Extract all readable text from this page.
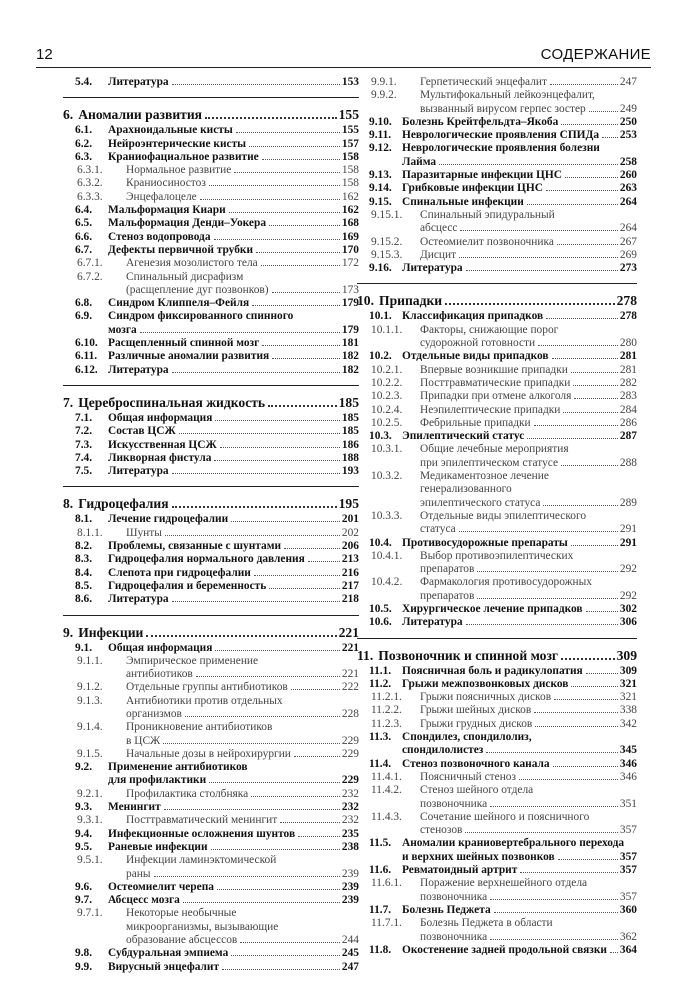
12	СОДЕРЖАНИЕ
5.4.	Литература	153
6. Аномалии развития	155
6.1.	Арахноидальные кисты	155
6.2.	Нейроэнтерические кисты	157
6.3.	Краниофациальное развитие	158
6.3.1.	Нормальное развитие	158
6.3.2.	Краниосиностоз	158
6.3.3.	Энцефалоцеле	162
6.4.	Мальформация Киари	162
6.5.	Мальформация Денди–Уокера	168
6.6.	Стеноз водопровода	169
6.7.	Дефекты первичной трубки	170
6.7.1.	Агенезия мозолистого тела	172
6.7.2.	Спинальный дисрафизм
(расщепление дуг позвонков)	173
6.8.	Синдром Клиппеля–Фейля	179
6.9.	Синдром фиксированного спинного
мозга	179
6.10. Расщепленный спинной мозг	181
6.11. Различные аномалии развития	182
6.12. Литература	182
7. Цереброспинальная жидкость	185
7.1.	Общая информация	185
7.2.	Состав ЦСЖ	185
7.3.	Искусственная ЦСЖ	186
7.4.	Ликворная фистула	188
7.5.	Литература	193
8. Гидроцефалия	195
8.1.	Лечение гидроцефалии	201
8.1.1.	Шунты	202
8.2.	Проблемы, связанные с шунтами	206
8.3.	Гидроцефалия нормального давления	213
8.4.	Слепота при гидроцефалии	216
8.5.	Гидроцефалия и беременность	217
8.6.	Литература	218
9. Инфекции	221
9.1.	Общая информация	221
9.1.1.	Эмпирическое применение
антибиотиков	221
9.1.2.	Отдельные группы антибиотиков	222
9.1.3.	Антибиотики против отдельных
организмов	228
9.1.4.	Проникновение антибиотиков
в ЦСЖ	229
9.1.5.	Начальные дозы в нейрохирургии	229
9.2.	Применение антибиотиков
для профилактики	229
9.2.1.	Профилактика столбняка	232
9.3.	Менингит	232
9.3.1.	Посттравматический менингит	232
9.4.	Инфекционные осложнения шунтов	235
9.5.	Раневые инфекции	238
9.5.1.	Инфекции ламинэктомической
раны	239
9.6.	Остеомиелит черепа	239
9.7.	Абсцесс мозга	239
9.7.1.	Некоторые необычные
микроорганизмы, вызывающие
образование абсцессов	244
9.8.	Субдуральная эмпиема	245
9.9.	Вирусный энцефалит	247
9.9.1.	Герпетический энцефалит	247
9.9.2.	Мультифокальный лейкоэнцефалит,
вызванный вирусом герпес зостер	249
9.10. Болезнь Крейтфельдта–Якоба	250
9.11. Неврологические проявления СПИДа 253
9.12. Неврологические проявления болезни
Лайма	258
9.13. Паразитарные инфекции ЦНС	260
9.14. Грибковые инфекции ЦНС	263
9.15. Спинальные инфекции	264
9.15.1.	Спинальный эпидуральный
абсцесс	264
9.15.2.	Остеомиелит позвоночника	267
9.15.3.	Дисцит	269
9.16. Литература	273
10. Припадки	278
10.1. Классификация припадков	278
10.1.1.	Факторы, снижающие порог
судорожной готовности	280
10.2. Отдельные виды припадков	281
10.2.1.	Впервые возникшие припадки	281
10.2.2.	Посттравматические припадки	282
10.2.3.	Припадки при отмене алкоголя	283
10.2.4.	Неэпилептические припадки	284
10.2.5.	Фебрильные припадки	286
10.3. Эпилептический статус	287
10.3.1.	Общие лечебные мероприятия
при эпилептическом статусе	288
10.3.2.	Медикаментозное лечение
генерализованного
эпилептического статуса	289
10.3.3.	Отдельные виды эпилептического
статуса	291
10.4. Противосудорожные препараты	291
10.4.1.	Выбор противоэпилептических
препаратов	292
10.4.2.	Фармакология противосудорожных
препаратов	292
10.5. Хирургическое лечение припадков	302
10.6. Литература	306
11. Позвоночник и спинной мозг	309
11.1. Поясничная боль и радикулопатия	309
11.2. Грыжи межпозвонковых дисков	321
11.2.1.	Грыжи поясничных дисков	321
11.2.2.	Грыжи шейных дисков	338
11.2.3.	Грыжи грудных дисков	342
11.3. Спондилез, спондилолиз,
спондилолистез	345
11.4. Стеноз позвоночного канала	346
11.4.1.	Поясничный стеноз	346
11.4.2.	Стеноз шейного отдела
позвоночника	351
11.4.3.	Сочетание шейного и поясничного
стенозов	357
11.5. Аномалии краниовертебрального перехода
и верхних шейных позвонков	357
11.6. Ревматоидный артрит	357
11.6.1.	Поражение верхнешейного отдела
позвоночника	357
11.7. Болезнь Педжета	360
11.7.1.	Болезнь Педжета в области
позвоночника	362
11.8. Окостенение задней продольной связки 364
